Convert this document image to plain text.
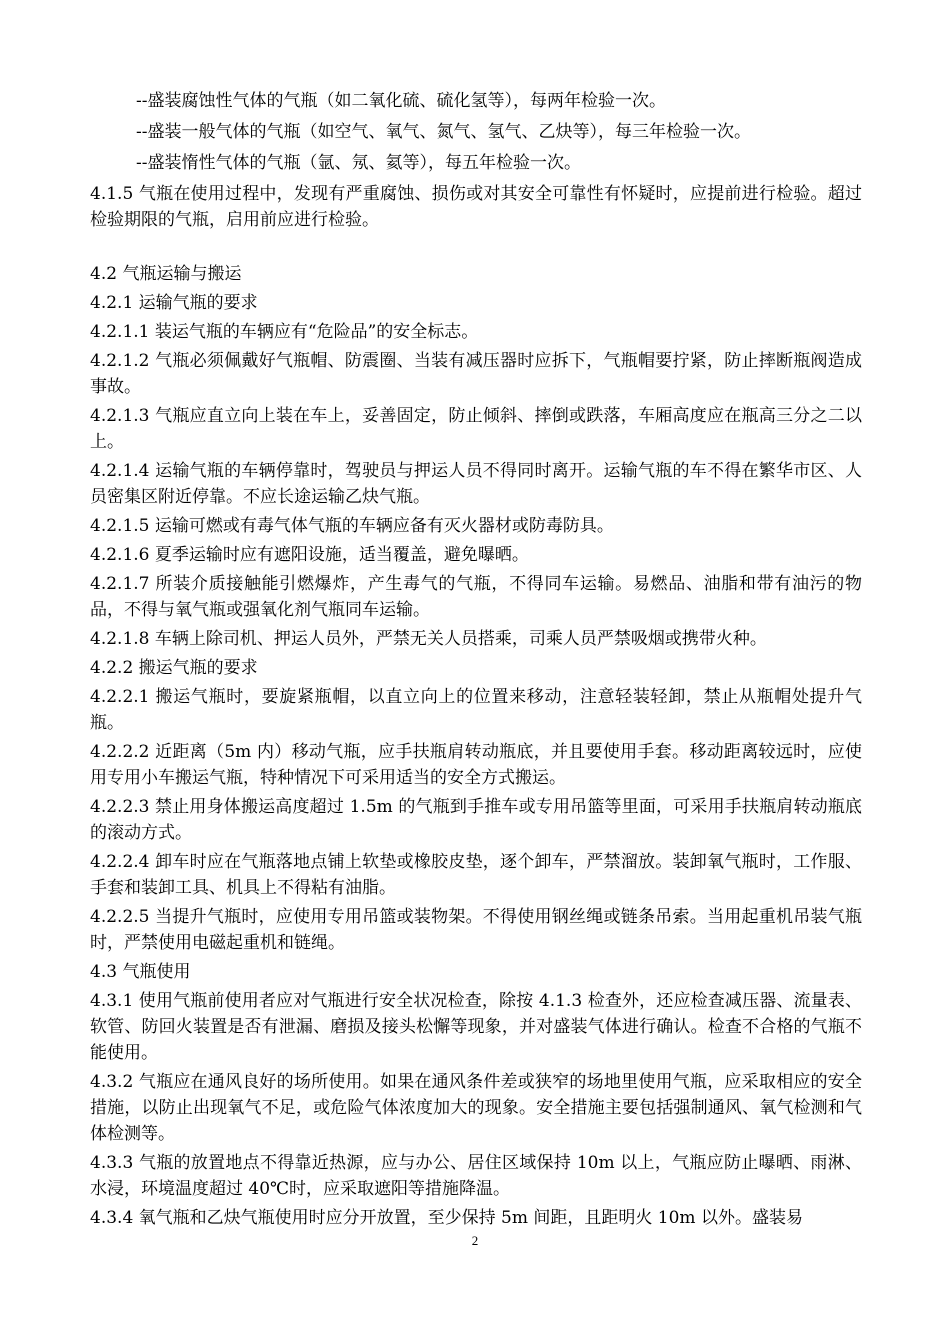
--盛装腐蚀性气体的气瓶（如二氧化硫、硫化氢等），每两年检验一次。

--盛装一般气体的气瓶（如空气、氧气、氮气、氢气、乙炔等），每三年检验一次。

--盛装惰性气体的气瓶（氩、氖、氦等），每五年检验一次。

4.1.5 气瓶在使用过程中，发现有严重腐蚀、损伤或对其安全可靠性有怀疑时，应提前进行检验。超过检验期限的气瓶，启用前应进行检验。

4.2 气瓶运输与搬运

4.2.1 运输气瓶的要求

4.2.1.1 装运气瓶的车辆应有“危险品”的安全标志。

4.2.1.2 气瓶必须佩戴好气瓶帽、防震圈、当装有减压器时应拆下，气瓶帽要拧紧，防止摔断瓶阀造成事故。

4.2.1.3 气瓶应直立向上装在车上，妥善固定，防止倾斜、摔倒或跌落，车厢高度应在瓶高三分之二以上。

4.2.1.4 运输气瓶的车辆停靠时，驾驶员与押运人员不得同时离开。运输气瓶的车不得在繁华市区、人员密集区附近停靠。不应长途运输乙炔气瓶。

4.2.1.5 运输可燃或有毒气体气瓶的车辆应备有灭火器材或防毒防具。

4.2.1.6 夏季运输时应有遮阳设施，适当覆盖，避免曝晒。

4.2.1.7 所装介质接触能引燃爆炸，产生毒气的气瓶，不得同车运输。易燃品、油脂和带有油污的物品，不得与氧气瓶或强氧化剂气瓶同车运输。

4.2.1.8 车辆上除司机、押运人员外，严禁无关人员搭乘，司乘人员严禁吸烟或携带火种。

4.2.2 搬运气瓶的要求

4.2.2.1 搬运气瓶时，要旋紧瓶帽，以直立向上的位置来移动，注意轻装轻卸，禁止从瓶帽处提升气瓶。

4.2.2.2 近距离（5m 内）移动气瓶，应手扶瓶肩转动瓶底，并且要使用手套。移动距离较远时，应使用专用小车搬运气瓶，特种情况下可采用适当的安全方式搬运。

4.2.2.3 禁止用身体搬运高度超过 1.5m 的气瓶到手推车或专用吊篮等里面，可采用手扶瓶肩转动瓶底的滚动方式。

4.2.2.4 卸车时应在气瓶落地点铺上软垫或橡胶皮垫，逐个卸车，严禁溜放。装卸氧气瓶时，工作服、手套和装卸工具、机具上不得粘有油脂。

4.2.2.5 当提升气瓶时，应使用专用吊篮或装物架。不得使用钢丝绳或链条吊索。当用起重机吊装气瓶时，严禁使用电磁起重机和链绳。

4.3 气瓶使用

4.3.1 使用气瓶前使用者应对气瓶进行安全状况检查，除按 4.1.3 检查外，还应检查减压器、流量表、软管、防回火装置是否有泄漏、磨损及接头松懈等现象，并对盛装气体进行确认。检查不合格的气瓶不能使用。

4.3.2 气瓶应在通风良好的场所使用。如果在通风条件差或狭窄的场地里使用气瓶，应采取相应的安全措施，以防止出现氧气不足，或危险气体浓度加大的现象。安全措施主要包括强制通风、氧气检测和气体检测等。

4.3.3 气瓶的放置地点不得靠近热源，应与办公、居住区域保持 10m 以上，气瓶应防止曝晒、雨淋、水浸，环境温度超过 40℃时，应采取遮阳等措施降温。

4.3.4 氧气瓶和乙炔气瓶使用时应分开放置，至少保持 5m 间距，且距明火 10m 以外。盛装易

2
